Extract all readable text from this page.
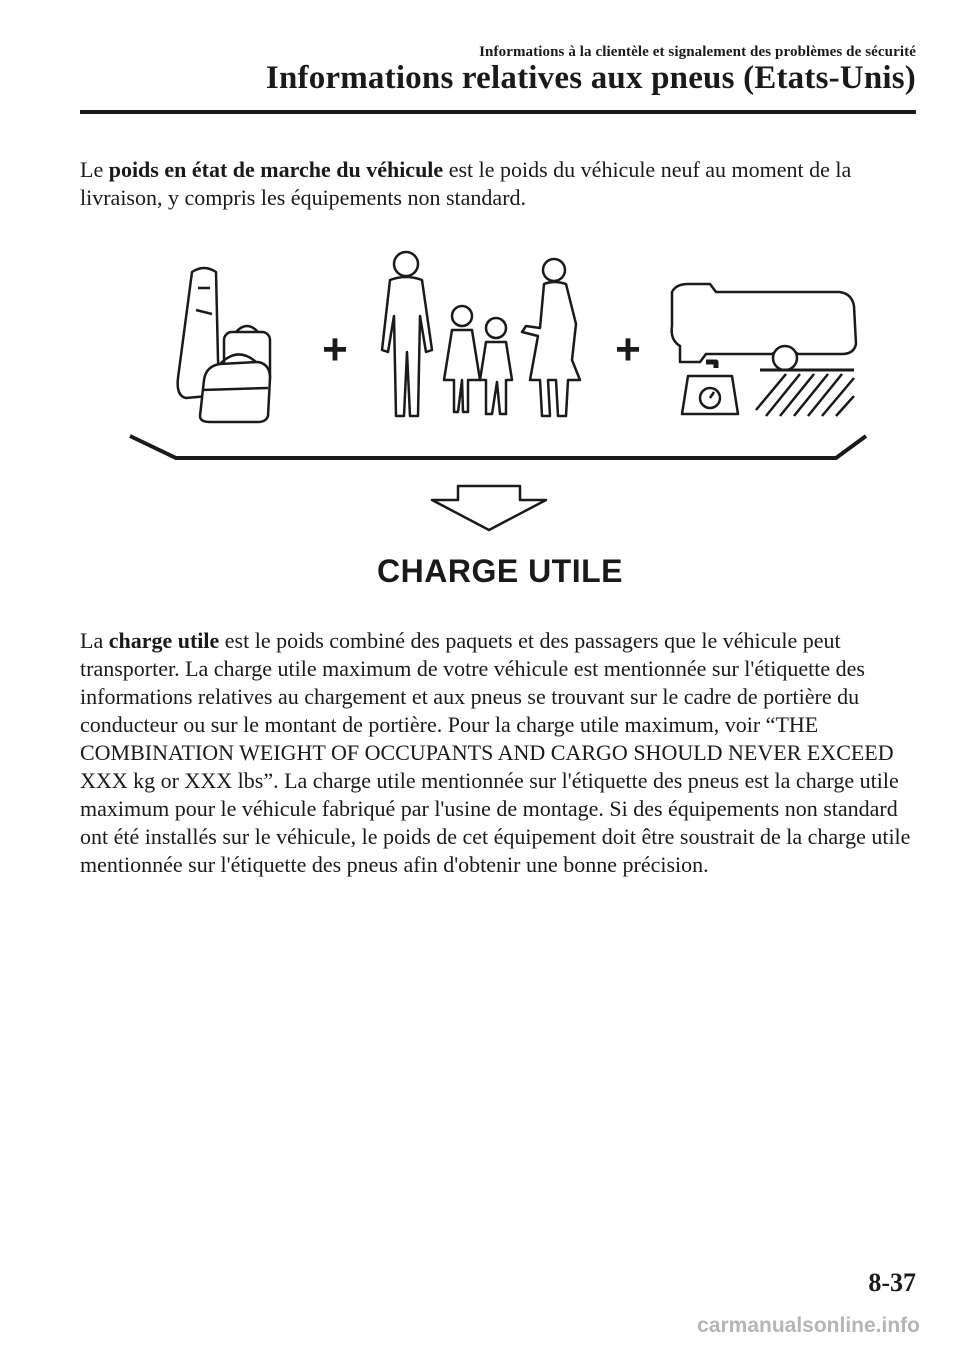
Informations à la clientèle et signalement des problèmes de sécurité
Informations relatives aux pneus (Etats-Unis)

Le poids en état de marche du véhicule est le poids du véhicule neuf au moment de la livraison, y compris les équipements non standard.

+	+
CHARGE UTILE

La charge utile est le poids combiné des paquets et des passagers que le véhicule peut transporter. La charge utile maximum de votre véhicule est mentionnée sur l'étiquette des informations relatives au chargement et aux pneus se trouvant sur le cadre de portière du conducteur ou sur le montant de portière. Pour la charge utile maximum, voir “THE COMBINATION WEIGHT OF OCCUPANTS AND CARGO SHOULD NEVER EXCEED XXX kg or XXX lbs”. La charge utile mentionnée sur l'étiquette des pneus est la charge utile maximum pour le véhicule fabriqué par l'usine de montage. Si des équipements non standard ont été installés sur le véhicule, le poids de cet équipement doit être soustrait de la charge utile mentionnée sur l'étiquette des pneus afin d'obtenir une bonne précision.

8-37
carmanualsonline.info
